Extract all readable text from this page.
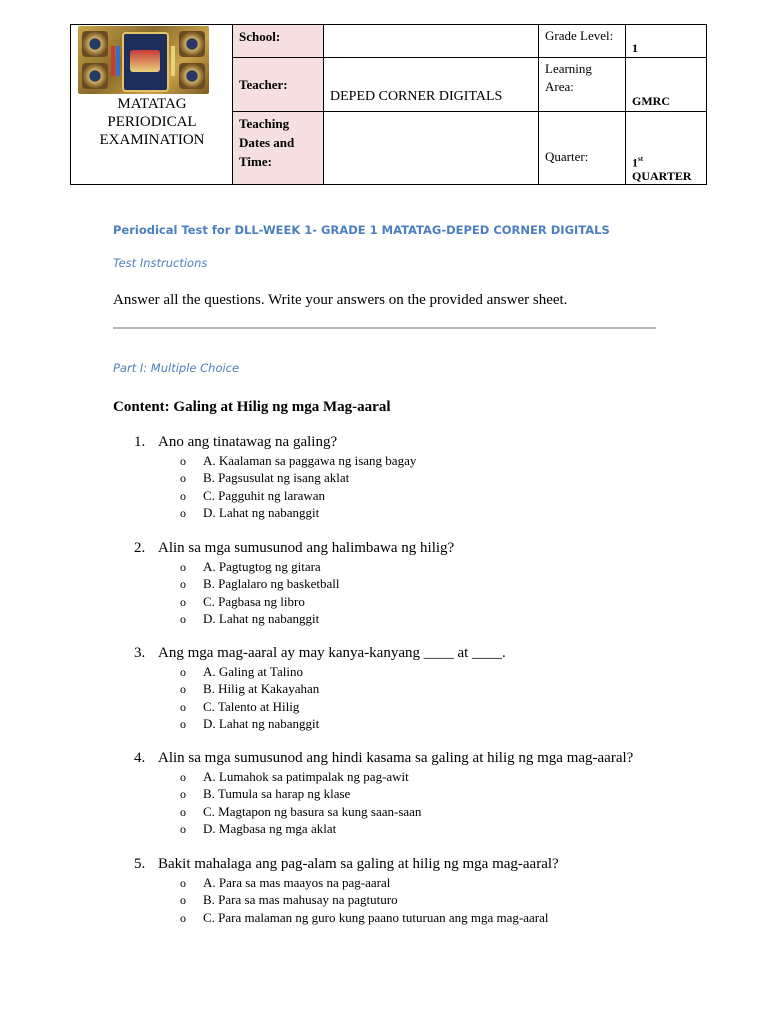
MATATAG PERIODICAL EXAMINATION	School:		Grade Level:	1
	Teacher:	DEPED CORNER DIGITALS	Learning Area:	GMRC
	Teaching Dates and Time:		Quarter:	1st
QUARTER
Periodical Test for DLL-WEEK 1- GRADE 1 MATATAG-DEPED CORNER DIGITALS
Test Instructions
Answer all the questions. Write your answers on the provided answer sheet.
Part I: Multiple Choice
Content: Galing at Hilig ng mga Mag-aaral
1. Ano ang tinatawag na galing?
o A. Kaalaman sa paggawa ng isang bagay
o B. Pagsusulat ng isang aklat
o C. Pagguhit ng larawan
o D. Lahat ng nabanggit
2. Alin sa mga sumusunod ang halimbawa ng hilig?
o A. Pagtugtog ng gitara
o B. Paglalaro ng basketball
o C. Pagbasa ng libro
o D. Lahat ng nabanggit
3. Ang mga mag-aaral ay may kanya-kanyang ____ at ____.
o A. Galing at Talino
o B. Hilig at Kakayahan
o C. Talento at Hilig
o D. Lahat ng nabanggit
4. Alin sa mga sumusunod ang hindi kasama sa galing at hilig ng mga mag-aaral?
o A. Lumahok sa patimpalak ng pag-awit
o B. Tumula sa harap ng klase
o C. Magtapon ng basura sa kung saan-saan
o D. Magbasa ng mga aklat
5. Bakit mahalaga ang pag-alam sa galing at hilig ng mga mag-aaral?
o A. Para sa mas maayos na pag-aaral
o B. Para sa mas mahusay na pagtuturo
o C. Para malaman ng guro kung paano tuturuan ang mga mag-aaral
